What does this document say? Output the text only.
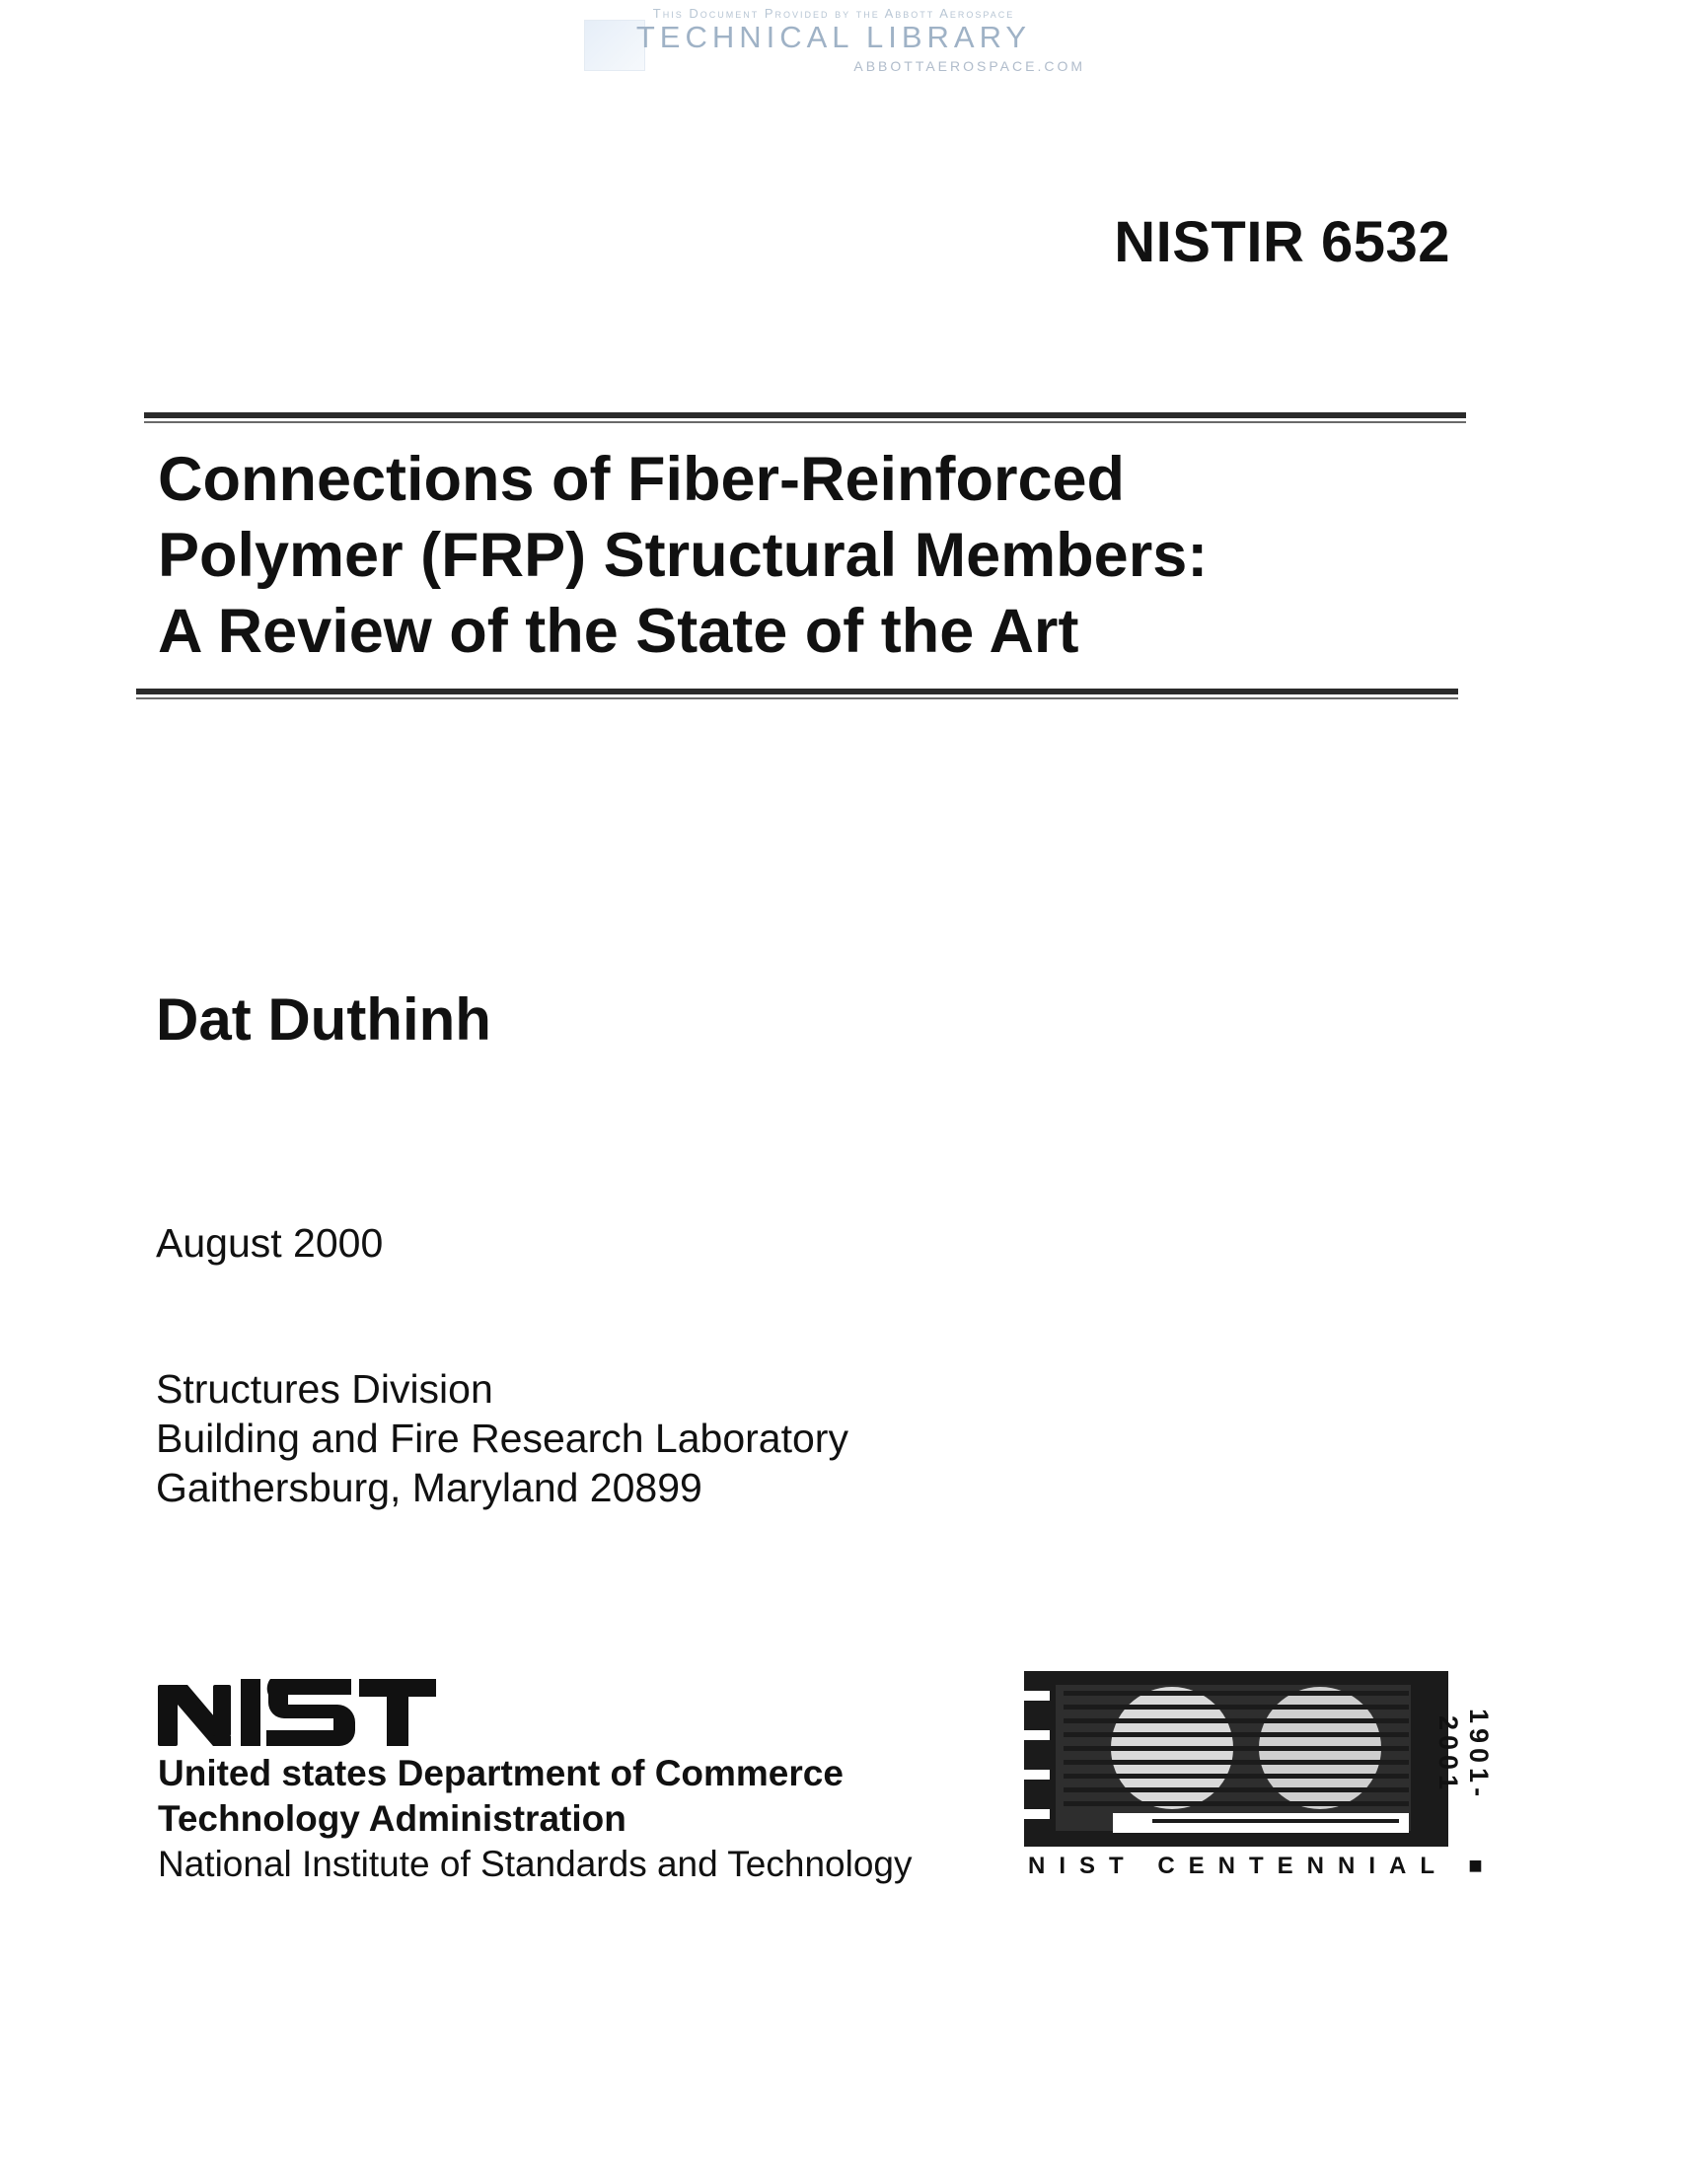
This Document Provided by the Abbott Aerospace
TECHNICAL LIBRARY
ABBOTTAEROSPACE.COM
NISTIR 6532
Connections of Fiber-Reinforced
Polymer (FRP) Structural Members:
A Review of the State of the Art
Dat Duthinh
August 2000
Structures Division
Building and Fire Research Laboratory
Gaithersburg, Maryland 20899
United states Department of Commerce
Technology Administration
National Institute of Standards and Technology
1901-2001
NIST CENTENNIAL ■
